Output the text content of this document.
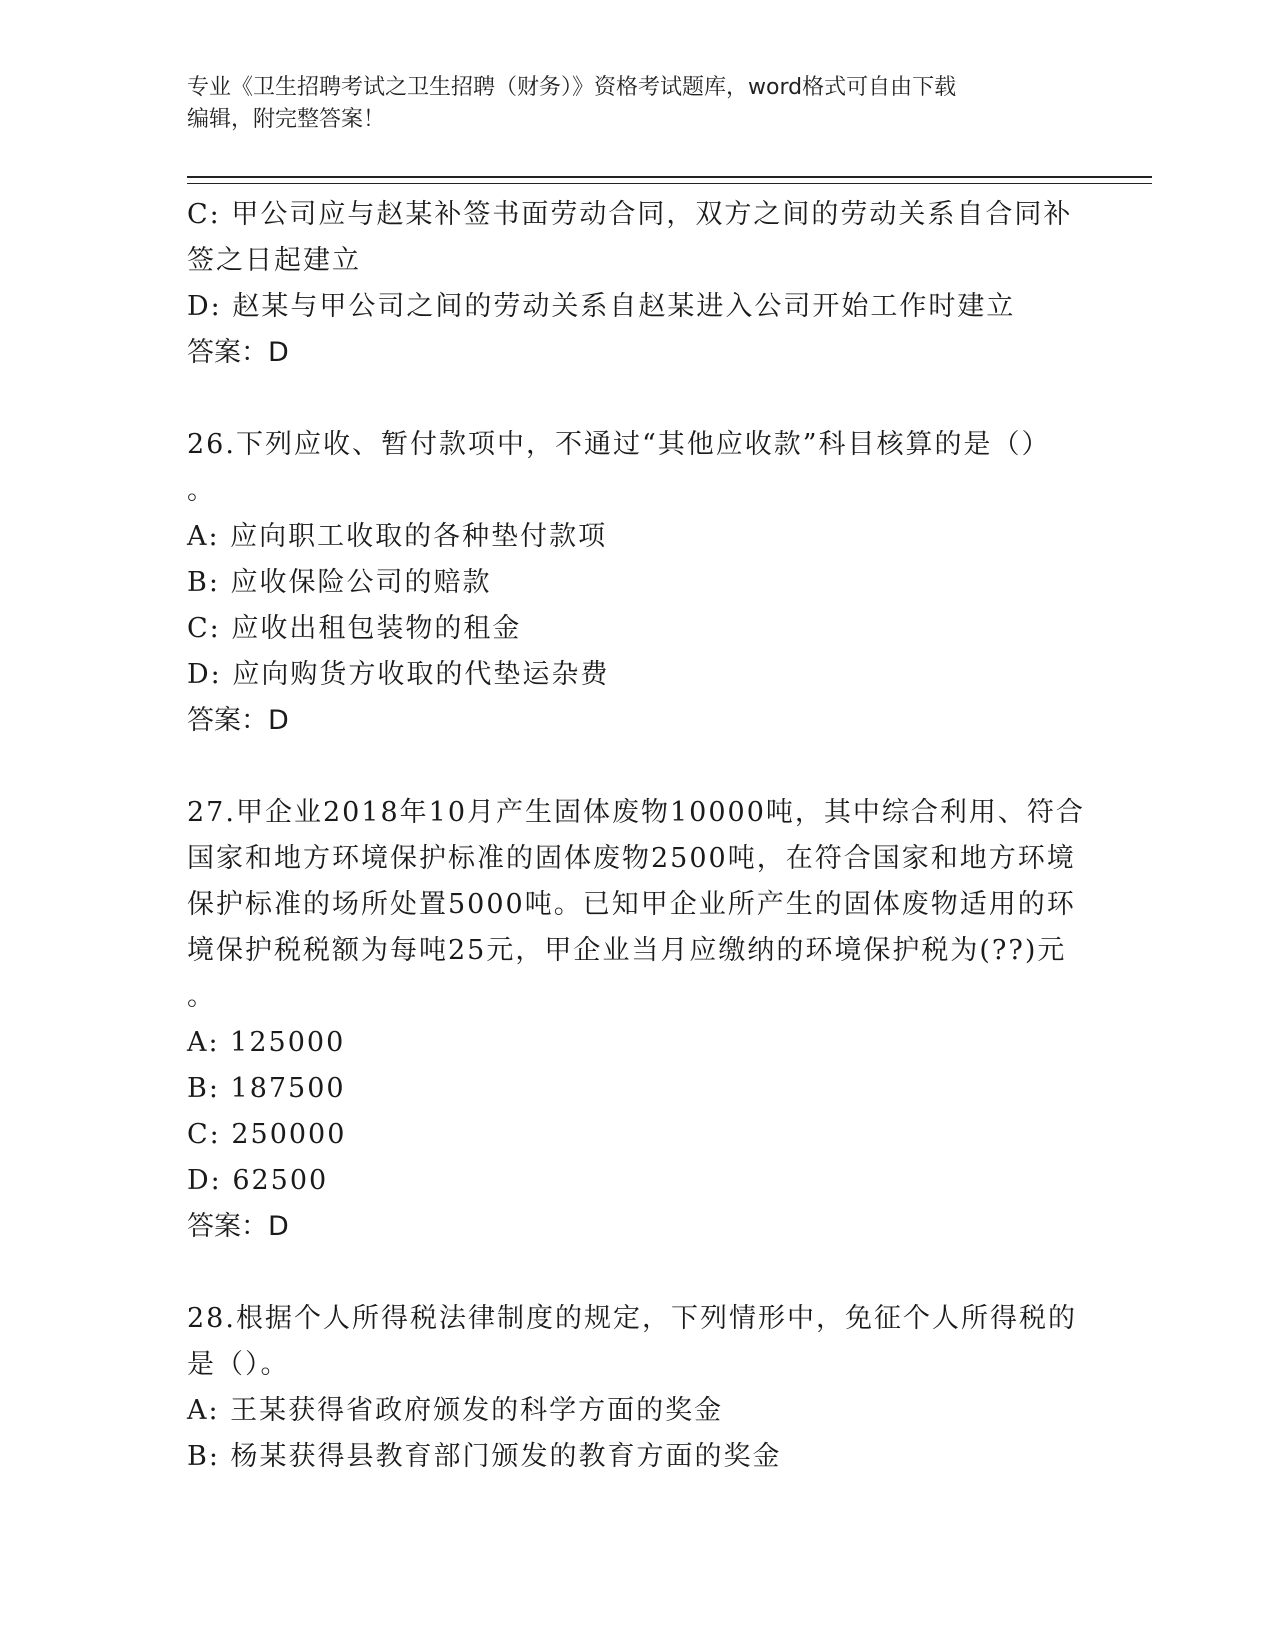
专业《卫生招聘考试之卫生招聘（财务）》资格考试题库，word格式可自由下载
编辑，附完整答案！
C: 甲公司应与赵某补签书面劳动合同，双方之间的劳动关系自合同补
签之日起建立
D: 赵某与甲公司之间的劳动关系自赵某进入公司开始工作时建立
答案：D
26.下列应收、暂付款项中，不通过“其他应收款”科目核算的是（）
。
A: 应向职工收取的各种垫付款项
B: 应收保险公司的赔款
C: 应收出租包装物的租金
D: 应向购货方收取的代垫运杂费
答案：D
27.甲企业2018年10月产生固体废物10000吨，其中综合利用、符合
国家和地方环境保护标准的固体废物2500吨，在符合国家和地方环境
保护标准的场所处置5000吨。已知甲企业所产生的固体废物适用的环
境保护税税额为每吨25元，甲企业当月应缴纳的环境保护税为(??)元
。
A: 125000
B: 187500
C: 250000
D: 62500
答案：D
28.根据个人所得税法律制度的规定，下列情形中，免征个人所得税的
是（）。
A: 王某获得省政府颁发的科学方面的奖金
B: 杨某获得县教育部门颁发的教育方面的奖金
